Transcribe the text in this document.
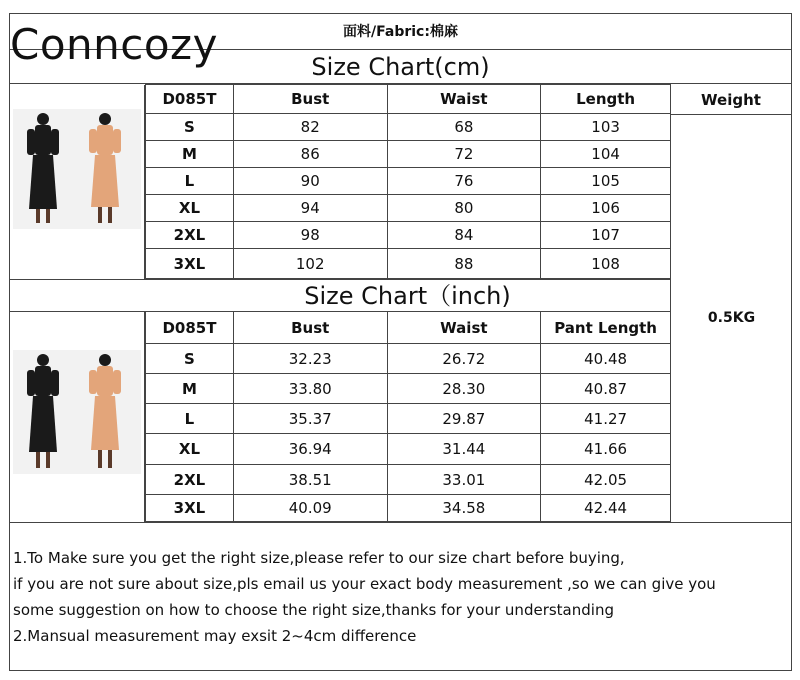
面料/Fabric:棉麻
Conncozy	Size Chart(cm)
D085T	Bust	Waist	Length
S	82	68	103
M	86	72	104
L	90	76	105
XL	94	80	106
2XL	98	84	107
3XL	102	88	108
Size Chart（inch)
D085T	Bust	Waist	Pant Length
S	32.23	26.72	40.48
M	33.80	28.30	40.87
L	35.37	29.87	41.27
XL	36.94	31.44	41.66
2XL	38.51	33.01	42.05
3XL	40.09	34.58	42.44
Weight
0.5KG

1.To Make sure you get the right size,please refer to our size chart before buying,

if you are not sure about size,pls email us your exact body measurement ,so we can give you

some suggestion on how to choose the right size,thanks for your understanding

2.Mansual measurement may exsit 2~4cm difference
